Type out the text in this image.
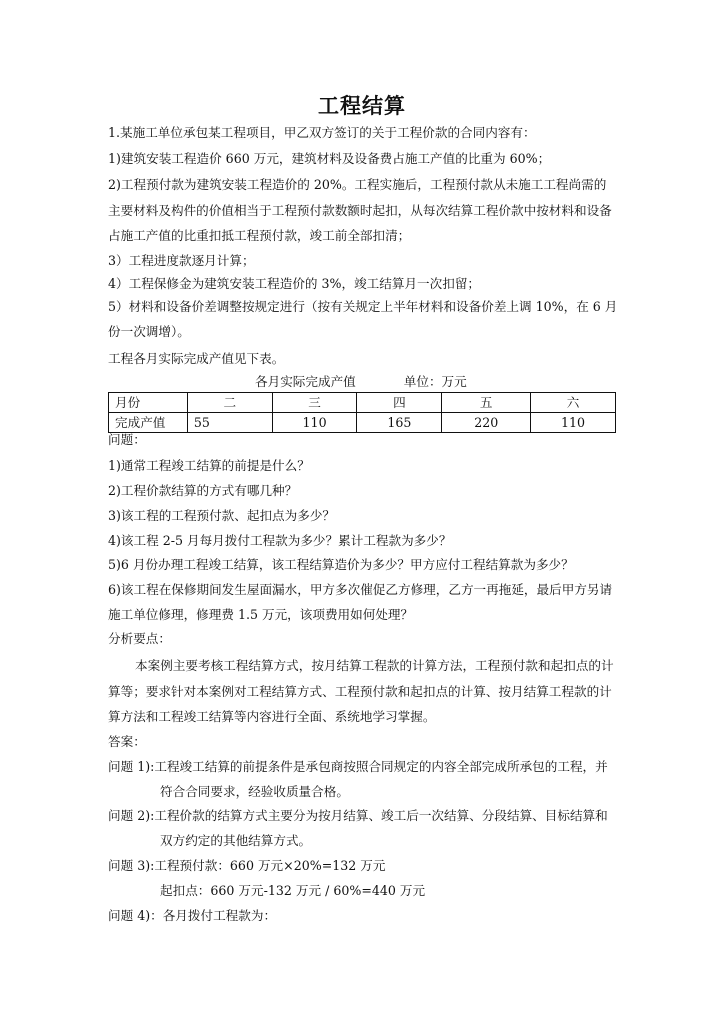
工程结算
1.某施工单位承包某工程项目，甲乙双方签订的关于工程价款的合同内容有：
1)建筑安装工程造价 660 万元，建筑材料及设备费占施工产值的比重为 60%；
2)工程预付款为建筑安装工程造价的 20%。工程实施后，工程预付款从未施工工程尚需的
主要材料及构件的价值相当于工程预付款数额时起扣，从每次结算工程价款中按材料和设备
占施工产值的比重扣抵工程预付款，竣工前全部扣清；
3）工程进度款逐月计算；
4）工程保修金为建筑安装工程造价的 3%，竣工结算月一次扣留；
5）材料和设备价差调整按规定进行（按有关规定上半年材料和设备价差上调 10%，在 6 月
份一次调增）。
工程各月实际完成产值见下表。
各月实际完成产值	单位：万元
月份	二	三	四	五	六
完成产值	55	110	165	220	110
问题：
1)通常工程竣工结算的前提是什么？
2)工程价款结算的方式有哪几种？
3)该工程的工程预付款、起扣点为多少？
4)该工程 2-5 月每月拨付工程款为多少？累计工程款为多少？
5)6 月份办理工程竣工结算，该工程结算造价为多少？甲方应付工程结算款为多少？
6)该工程在保修期间发生屋面漏水，甲方多次催促乙方修理，乙方一再拖延，最后甲方另请
施工单位修理，修理费 1.5 万元，该项费用如何处理？
分析要点：
本案例主要考核工程结算方式，按月结算工程款的计算方法，工程预付款和起扣点的计
算等；要求针对本案例对工程结算方式、工程预付款和起扣点的计算、按月结算工程款的计
算方法和工程竣工结算等内容进行全面、系统地学习掌握。
答案：
问题 1):工程竣工结算的前提条件是承包商按照合同规定的内容全部完成所承包的工程，并
符合合同要求，经验收质量合格。
问题 2):工程价款的结算方式主要分为按月结算、竣工后一次结算、分段结算、目标结算和
双方约定的其他结算方式。
问题 3):工程预付款：660 万元×20%=132 万元
起扣点：660 万元-132 万元 / 60%=440 万元
问题 4)：各月拨付工程款为：
